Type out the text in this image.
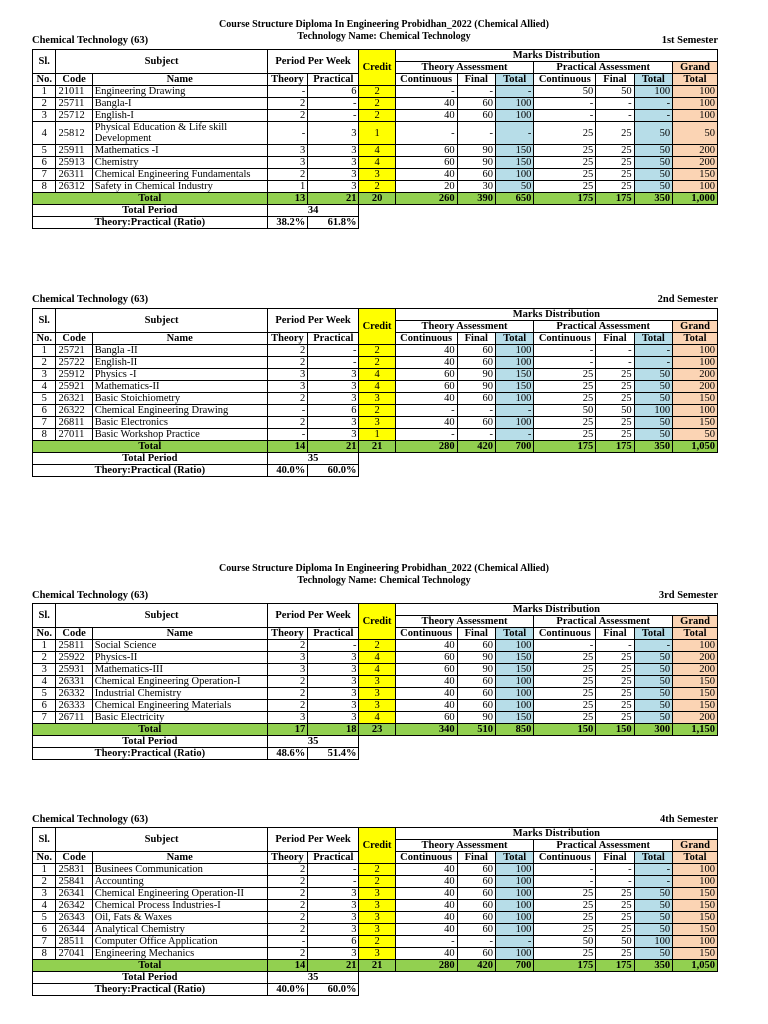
Course Structure Diploma In Engineering Probidhan_2022 (Chemical Allied)
Technology Name: Chemical Technology
Chemical Technology (63)	1st Semester
Sl.	Subject		Period Per Week		Credit	Marks Distribution						
						Theory Assessment			Practical Assessment			Grand
No.	Code	Name	Theory	Practical		Continuous	Final	Total	Continuous	Final	Total	Total
1	21011	Engineering Drawing	-	6	2	-	-	-	50	50	100	100
2	25711	Bangla-I	2	-	2	40	60	100	-	-	-	100
3	25712	English-I	2	-	2	40	60	100	-	-	-	100
4	25812	Physical Education & Life skill Development	-	3	1	-	-	-	25	25	50	50
5	25911	Mathematics -I	3	3	4	60	90	150	25	25	50	200
6	25913	Chemistry	3	3	4	60	90	150	25	25	50	200
7	26311	Chemical Engineering Fundamentals	2	3	3	40	60	100	25	25	50	150
8	26312	Safety in Chemical Industry	1	3	2	20	30	50	25	25	50	100
Total			13	21	20	260	390	650	175	175	350	1,000
Total Period			34									
Theory:Practical (Ratio)			38.2%	61.8%								
Chemical Technology (63)	2nd Semester
Sl.	Subject		Period Per Week		Credit	Marks Distribution						
						Theory Assessment			Practical Assessment			Grand
No.	Code	Name	Theory	Practical		Continuous	Final	Total	Continuous	Final	Total	Total
1	25721	Bangla -II	2	-	2	40	60	100	-	-	-	100
2	25722	English-II	2	-	2	40	60	100	-	-	-	100
3	25912	Physics -I	3	3	4	60	90	150	25	25	50	200
4	25921	Mathematics-II	3	3	4	60	90	150	25	25	50	200
5	26321	Basic Stoichiometry	2	3	3	40	60	100	25	25	50	150
6	26322	Chemical Engineering Drawing	-	6	2	-	-	-	50	50	100	100
7	26811	Basic Electronics	2	3	3	40	60	100	25	25	50	150
8	27011	Basic Workshop Practice	-	3	1	-	-	-	25	25	50	50
Total			14	21	21	280	420	700	175	175	350	1,050
Total Period			35									
Theory:Practical (Ratio)			40.0%	60.0%								
Course Structure Diploma In Engineering Probidhan_2022 (Chemical Allied)
Technology Name: Chemical Technology
Chemical Technology (63)	3rd Semester
Sl.	Subject		Period Per Week		Credit	Marks Distribution						
						Theory Assessment			Practical Assessment			Grand
No.	Code	Name	Theory	Practical		Continuous	Final	Total	Continuous	Final	Total	Total
1	25811	Social Science	2	-	2	40	60	100	-	-	-	100
2	25922	Physics-II	3	3	4	60	90	150	25	25	50	200
3	25931	Mathematics-III	3	3	4	60	90	150	25	25	50	200
4	26331	Chemical Engineering Operation-I	2	3	3	40	60	100	25	25	50	150
5	26332	Industrial Chemistry	2	3	3	40	60	100	25	25	50	150
6	26333	Chemical Engineering Materials	2	3	3	40	60	100	25	25	50	150
7	26711	Basic Electricity	3	3	4	60	90	150	25	25	50	200
Total			17	18	23	340	510	850	150	150	300	1,150
Total Period			35									
Theory:Practical (Ratio)			48.6%	51.4%								
Chemical Technology (63)	4th Semester
Sl.	Subject		Period Per Week		Credit	Marks Distribution						
						Theory Assessment			Practical Assessment			Grand
No.	Code	Name	Theory	Practical		Continuous	Final	Total	Continuous	Final	Total	Total
1	25831	Businees Communication	2	-	2	40	60	100	-	-	-	100
2	25841	Accounting	2	-	2	40	60	100	-	-	-	100
3	26341	Chemical Engineering Operation-II	2	3	3	40	60	100	25	25	50	150
4	26342	Chemical Process Industries-I	2	3	3	40	60	100	25	25	50	150
5	26343	Oil, Fats & Waxes	2	3	3	40	60	100	25	25	50	150
6	26344	Analytical Chemistry	2	3	3	40	60	100	25	25	50	150
7	28511	Computer Office Application	-	6	2	-	-	-	50	50	100	100
8	27041	Engineering Mechanics	2	3	3	40	60	100	25	25	50	150
Total			14	21	21	280	420	700	175	175	350	1,050
Total Period			35									
Theory:Practical (Ratio)			40.0%	60.0%								
